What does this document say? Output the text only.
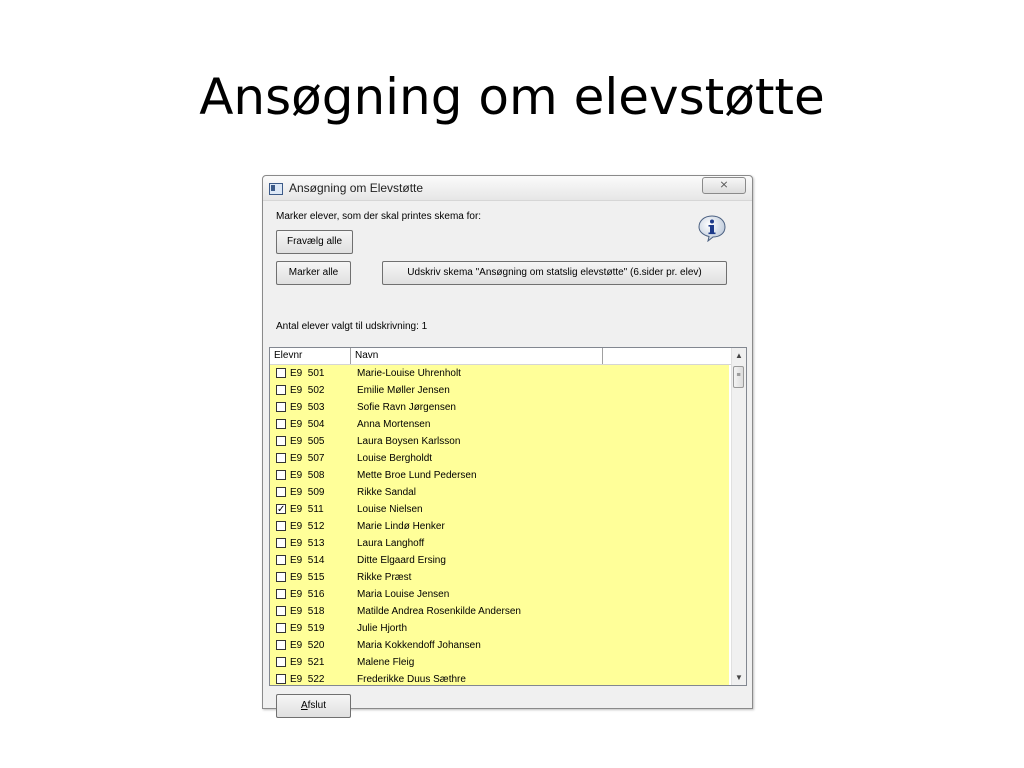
Ansøgning om elevstøtte
Ansøgning om Elevstøtte	⨯
Marker elever, som der skal printes skema for:
Fravælg alle
Marker alle	Udskriv skema "Ansøgning om statslig elevstøtte" (6.sider pr. elev)
Antal elever valgt til udskrivning: 1
Elevnr	Navn
E9  501	Marie-Louise Uhrenholt
E9  502	Emilie Møller Jensen
E9  503	Sofie Ravn Jørgensen
E9  504	Anna Mortensen
E9  505	Laura Boysen Karlsson
E9  507	Louise Bergholdt
E9  508	Mette Broe Lund Pedersen
E9  509	Rikke Sandal
✓ E9  511	Louise Nielsen
E9  512	Marie Lindø Henker
E9  513	Laura Langhoff
E9  514	Ditte Elgaard Ersing
E9  515	Rikke Præst
E9  516	Maria Louise Jensen
E9  518	Matilde Andrea Rosenkilde Andersen
E9  519	Julie Hjorth
E9  520	Maria Kokkendoff Johansen
E9  521	Malene Fleig
E9  522	Frederikke Duus Sæthre
▲
≡
▼
Afslut
